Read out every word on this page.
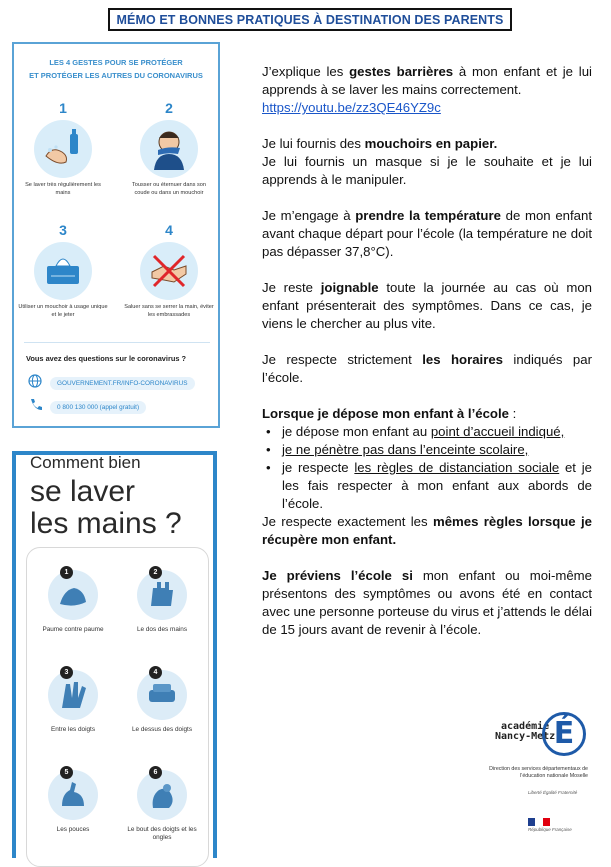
MÉMO ET BONNES PRATIQUES À DESTINATION DES PARENTS
LES 4 GESTES POUR SE PROTÉGER
ET PROTÉGER LES AUTRES DU CORONAVIRUS
1
Se laver très régulièrement les mains
2
Tousser ou éternuer dans son coude ou dans un mouchoir
3
Utiliser un mouchoir à usage unique et le jeter
4
Saluer sans se serrer la main, éviter les embrassades
Vous avez des questions sur le coronavirus ?
GOUVERNEMENT.FR/INFO-CORONAVIRUS
0 800 130 000 (appel gratuit)
Comment bien
se laver
les mains ?
1
Paume contre paume
2
Le dos des mains
3
Entre les doigts
4
Le dessus des doigts
5
Les pouces
6
Le bout des doigts et les ongles

J’explique les gestes barrières à mon enfant et je lui apprends à se laver les mains correctement.
https://youtu.be/zz3QE46YZ9c

Je lui fournis des mouchoirs en papier.
Je lui fournis un masque si je le souhaite et je lui apprends à le manipuler.

Je m’engage à prendre la température de mon enfant avant chaque départ pour l’école (la température ne doit pas dépasser 37,8°C).

Je reste joignable toute la journée au cas où mon enfant présenterait des symptômes. Dans ce cas, je viens le chercher au plus vite.

Je respecte strictement les horaires indiqués par l’école.

Lorsque je dépose mon enfant à l’école :

• je dépose mon enfant au point d’accueil indiqué,
• je ne pénètre pas dans l’enceinte scolaire,
• je respecte les règles de distanciation sociale et je les fais respecter à mon enfant aux abords de l’école.

Je respecte exactement les mêmes règles lorsque je récupère mon enfant.

Je préviens l’école si mon enfant ou moi-même présentons des symptômes ou avons été en contact avec une personne porteuse du virus et j’attends le délai de 15 jours avant de revenir à l’école.

académie
Nancy-Metz
É
Direction des services départementaux de l’éducation nationale Moselle
Liberté Égalité Fraternité
République Française
